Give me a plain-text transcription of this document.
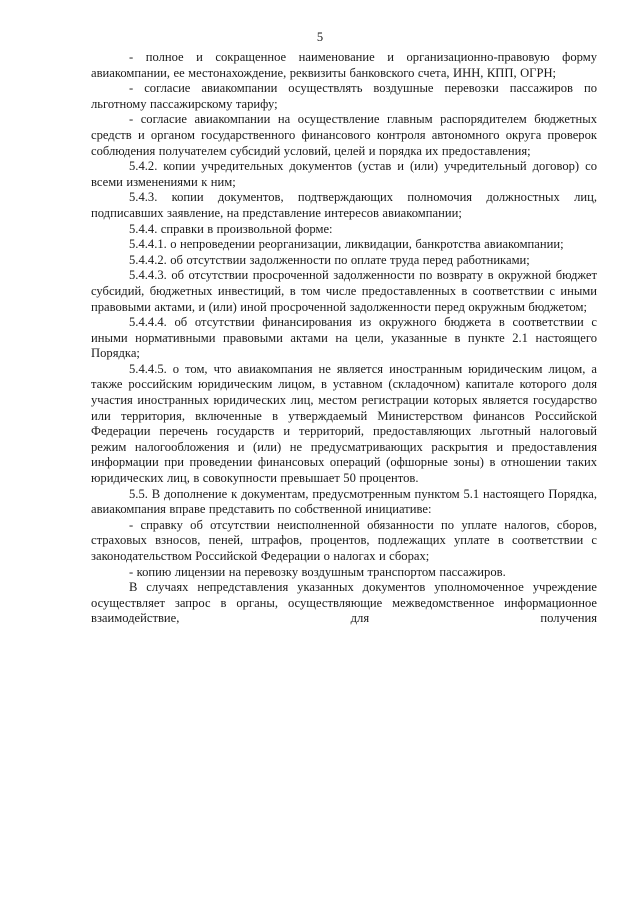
5

- полное и сокращенное наименование и организационно-правовую форму авиакомпании, ее местонахождение, реквизиты банковского счета, ИНН, КПП, ОГРН;

- согласие авиакомпании осуществлять воздушные перевозки пассажиров по льготному пассажирскому тарифу;

- согласие авиакомпании на осуществление главным распорядителем бюджетных средств и органом государственного финансового контроля автономного округа проверок соблюдения получателем субсидий условий, целей и порядка их предоставления;

5.4.2. копии учредительных документов (устав и (или) учредительный договор) со всеми изменениями к ним;

5.4.3. копии документов, подтверждающих полномочия должностных лиц, подписавших заявление, на представление интересов авиакомпании;

5.4.4. справки в произвольной форме:

5.4.4.1. о непроведении реорганизации, ликвидации, банкротства авиакомпании;

5.4.4.2. об отсутствии задолженности по оплате труда перед работниками;

5.4.4.3. об отсутствии просроченной задолженности по возврату в окружной бюджет субсидий, бюджетных инвестиций, в том числе предоставленных в соответствии с иными правовыми актами, и (или) иной просроченной задолженности перед окружным бюджетом;

5.4.4.4. об отсутствии финансирования из окружного бюджета в соответствии с иными нормативными правовыми актами на цели, указанные в пункте 2.1 настоящего Порядка;

5.4.4.5. о том, что авиакомпания не является иностранным юридическим лицом, а также российским юридическим лицом, в уставном (складочном) капитале которого доля участия иностранных юридических лиц, местом регистрации которых является государство или территория, включенные в утверждаемый Министерством финансов Российской Федерации перечень государств и территорий, предоставляющих льготный налоговый режим налогообложения и (или) не предусматривающих раскрытия и предоставления информации при проведении финансовых операций (офшорные зоны) в отношении таких юридических лиц, в совокупности превышает 50 процентов.

5.5. В дополнение к документам, предусмотренным пунктом 5.1 настоящего Порядка, авиакомпания вправе представить по собственной инициативе:

- справку об отсутствии неисполненной обязанности по уплате налогов, сборов, страховых взносов, пеней, штрафов, процентов, подлежащих уплате в соответствии с законодательством Российской Федерации о налогах и сборах;

- копию лицензии на перевозку воздушным транспортом пассажиров.

В случаях непредставления указанных документов уполномоченное учреждение осуществляет запрос в органы, осуществляющие межведомственное информационное взаимодействие, для получения
